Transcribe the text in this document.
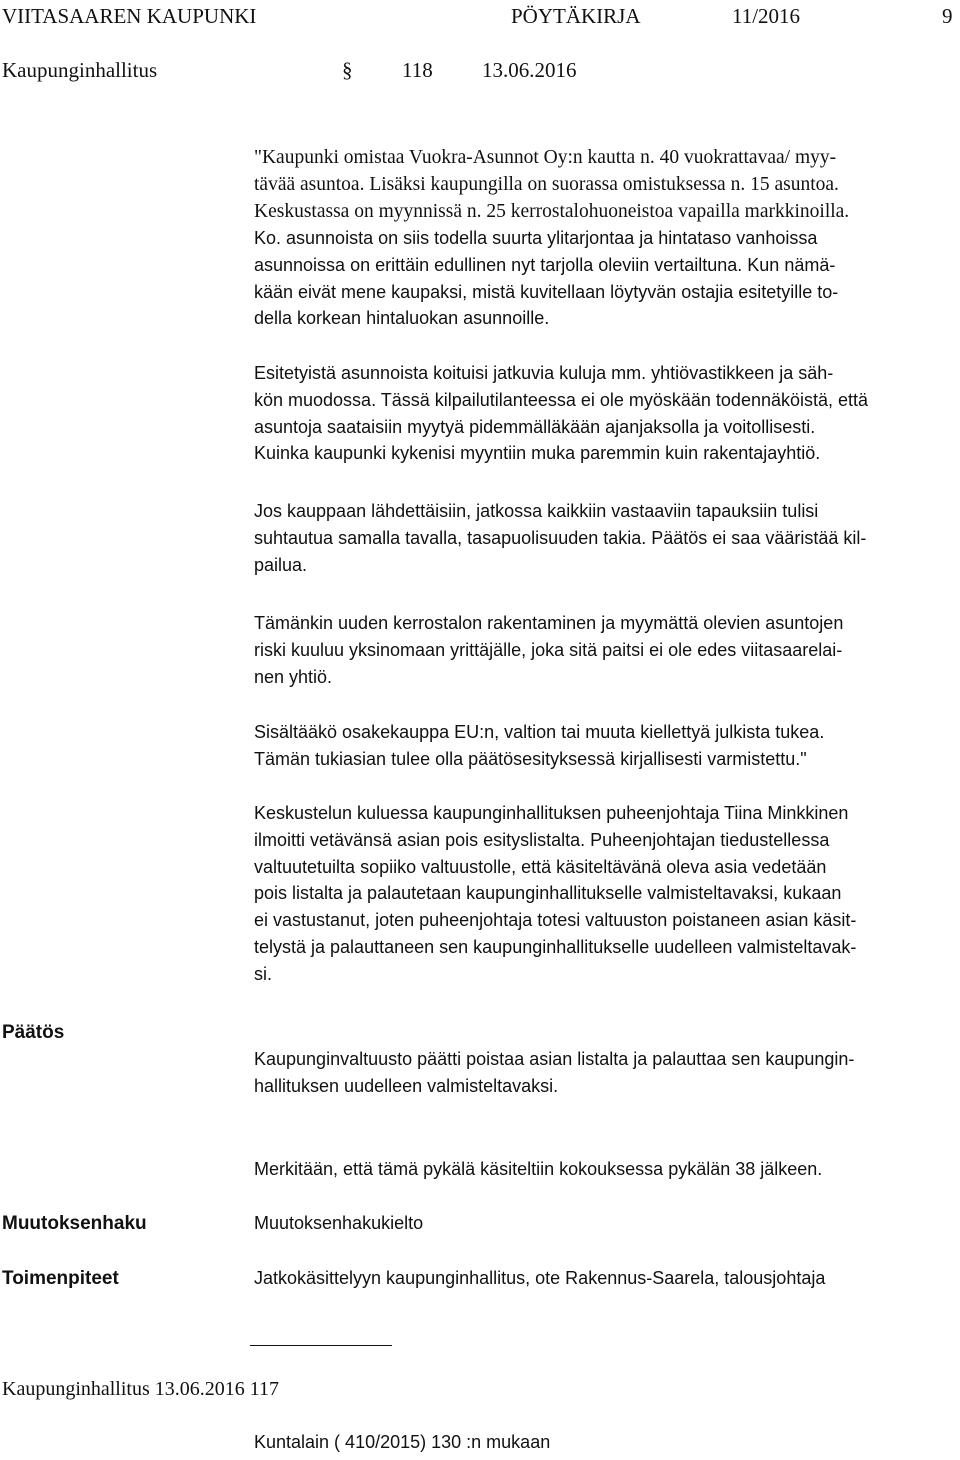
VIITASAAREN KAUPUNKI	PÖYTÄKIRJA	11/2016	9
Kaupunginhallitus	§ 118 13.06.2016
"Kaupunki omistaa Vuokra-Asunnot Oy:n kautta n. 40 vuokrattavaa/ myy-
tävää asuntoa. Lisäksi kaupungilla on suorassa omistuksessa n. 15 asuntoa.
Keskustassa on myynnissä n. 25 kerrostalohuoneistoa vapailla markkinoilla.
Ko. asunnoista on siis todella suurta ylitarjontaa ja hintataso vanhoissa
asunnoissa on erittäin edullinen nyt tarjolla oleviin vertailtuna. Kun nämä-
kään eivät mene kaupaksi, mistä kuvitellaan löytyvän ostajia esitetyille to-
della korkean hintaluokan asunnoille.
Esitetyistä asunnoista koituisi jatkuvia kuluja mm. yhtiövastikkeen ja säh-
kön muodossa. Tässä kilpailutilanteessa ei ole myöskään todennäköistä, että
asuntoja saataisiin myytyä pidemmälläkään ajanjaksolla ja voitollisesti.
Kuinka kaupunki kykenisi myyntiin muka paremmin kuin rakentajayhtiö.
Jos kauppaan lähdettäisiin, jatkossa kaikkiin vastaaviin tapauksiin tulisi
suhtautua samalla tavalla, tasapuolisuuden takia. Päätös ei saa vääristää kil-
pailua.
Tämänkin uuden kerrostalon rakentaminen ja myymättä olevien asuntojen
riski kuuluu yksinomaan yrittäjälle, joka sitä paitsi ei ole edes viitasaarelai-
nen yhtiö.
Sisältääkö osakekauppa EU:n, valtion tai muuta kiellettyä julkista tukea.
Tämän tukiasian tulee olla päätösesityksessä kirjallisesti varmistettu."
Keskustelun kuluessa kaupunginhallituksen puheenjohtaja Tiina Minkkinen
ilmoitti vetävänsä asian pois esityslistalta. Puheenjohtajan tiedustellessa
valtuutetuilta sopiiko valtuustolle, että käsiteltävänä oleva asia vedetään
pois listalta ja palautetaan kaupunginhallitukselle valmisteltavaksi, kukaan
ei vastustanut, joten puheenjohtaja totesi valtuuston poistaneen asian käsit-
telystä ja palauttaneen sen kaupunginhallitukselle uudelleen valmisteltavak-
si.
Päätös
Kaupunginvaltuusto päätti poistaa asian listalta ja palauttaa sen kaupungin-
hallituksen uudelleen valmisteltavaksi.
Merkitään, että tämä pykälä käsiteltiin kokouksessa pykälän 38 jälkeen.
Muutoksenhaku	Muutoksenhakukielto
Toimenpiteet	Jatkokäsittelyyn kaupunginhallitus, ote Rakennus-Saarela, talousjohtaja
Kaupunginhallitus 13.06.2016 117
Kuntalain ( 410/2015) 130 :n mukaan
